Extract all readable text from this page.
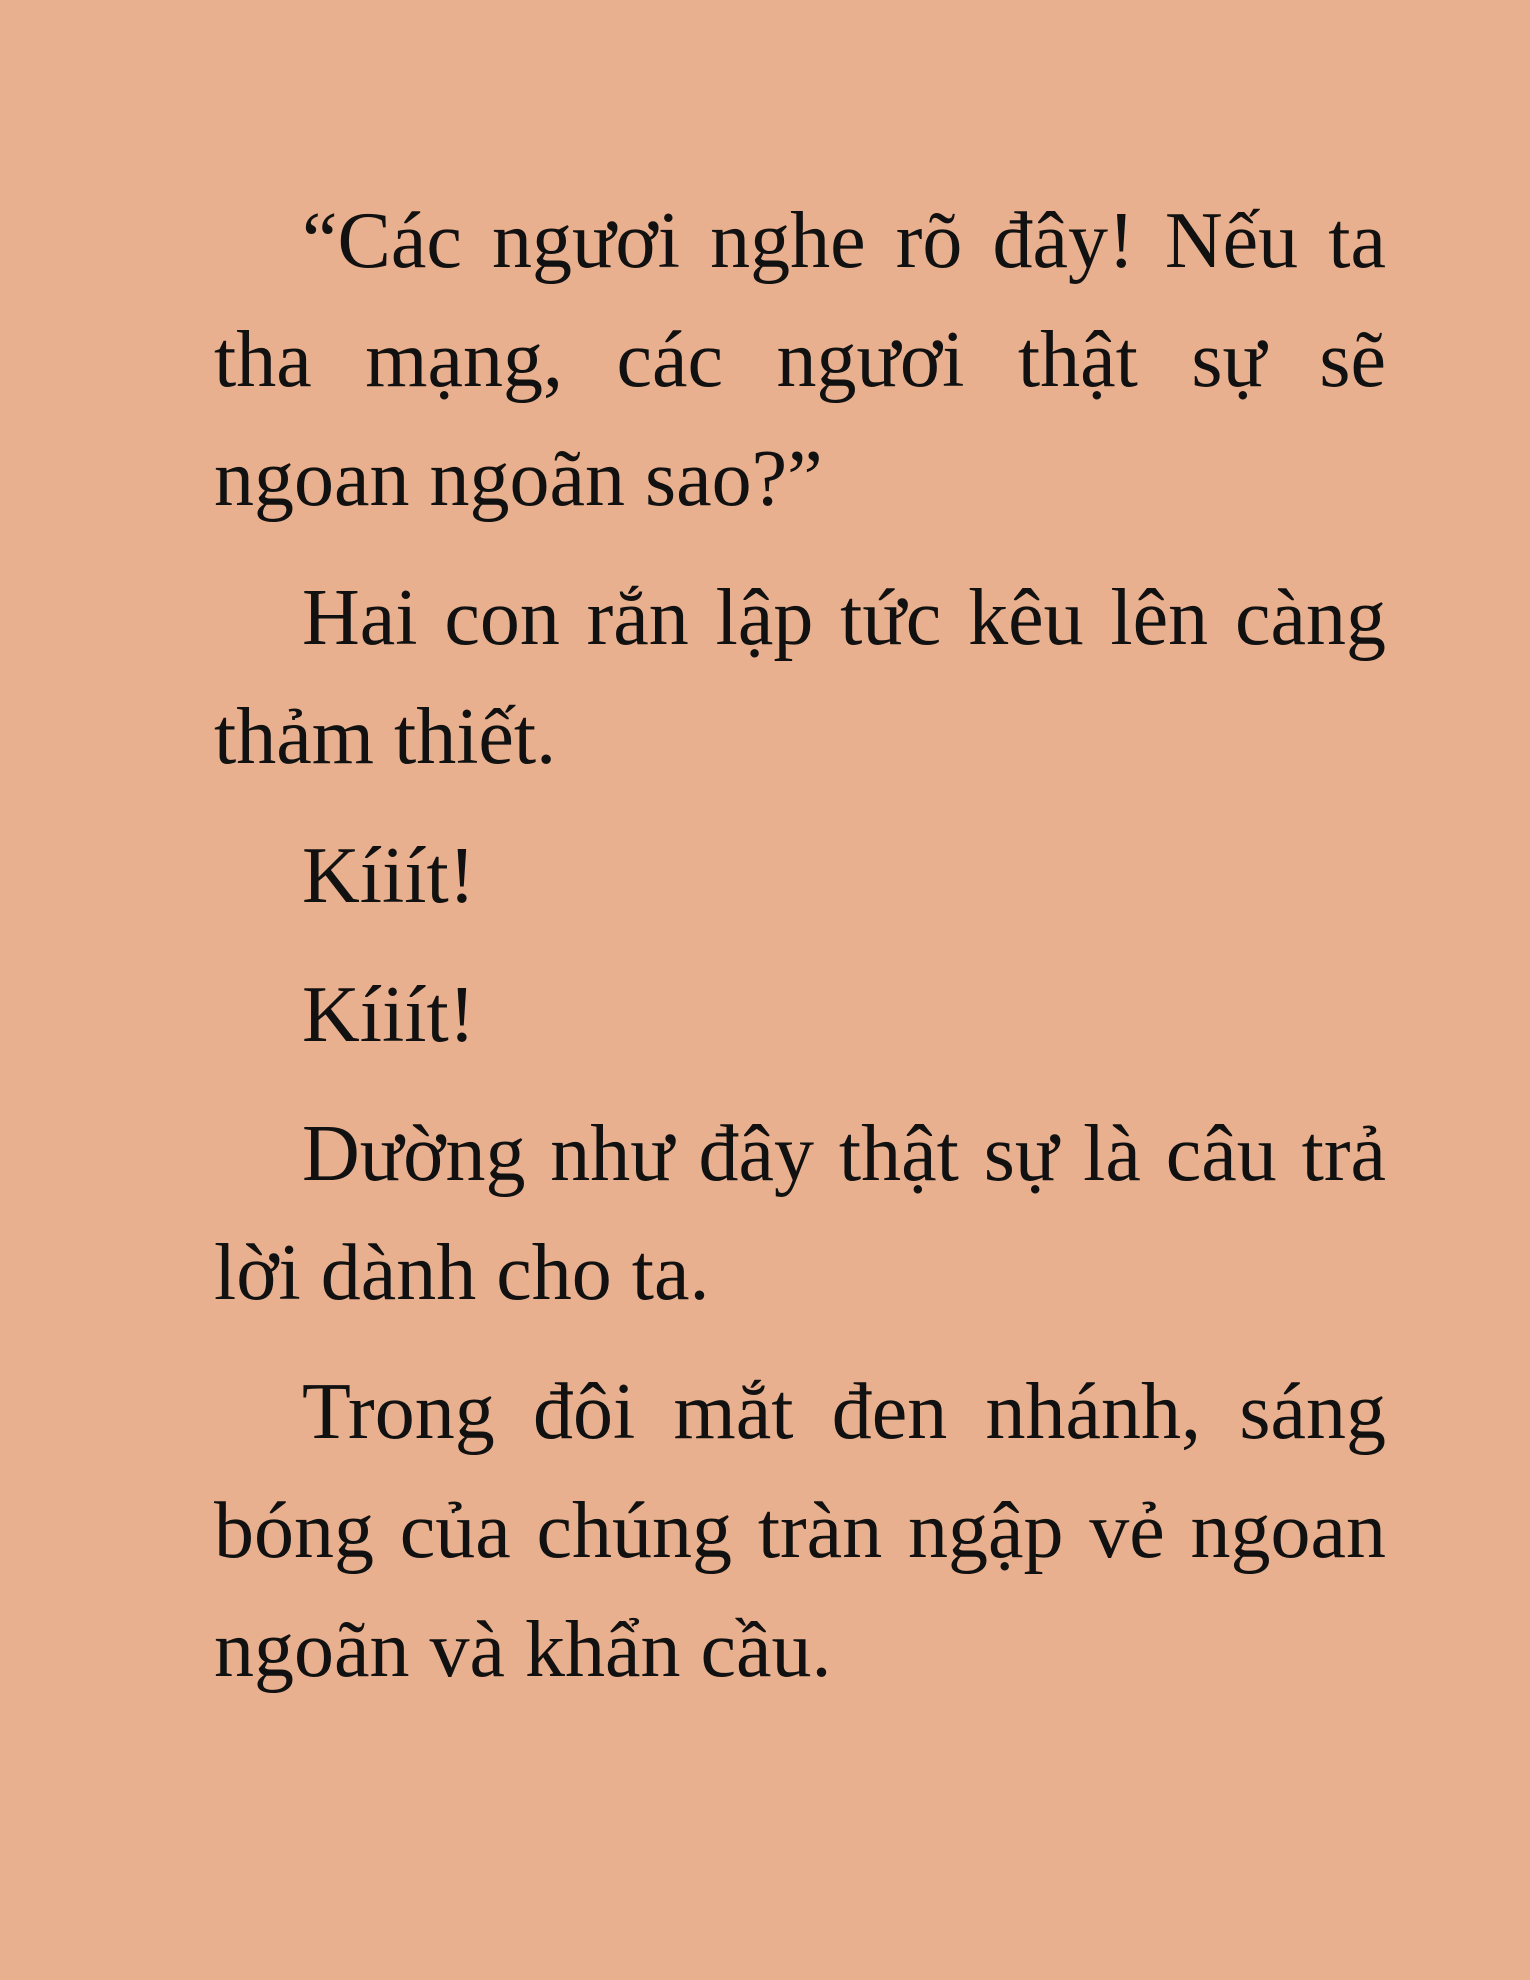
“Các ngươi nghe rõ đây! Nếu ta tha mạng, các ngươi thật sự sẽ ngoan ngoãn sao?”

Hai con rắn lập tức kêu lên càng thảm thiết.

Kíiít!

Kíiít!

Dường như đây thật sự là câu trả lời dành cho ta.

Trong đôi mắt đen nhánh, sáng bóng của chúng tràn ngập vẻ ngoan ngoãn và khẩn cầu.
